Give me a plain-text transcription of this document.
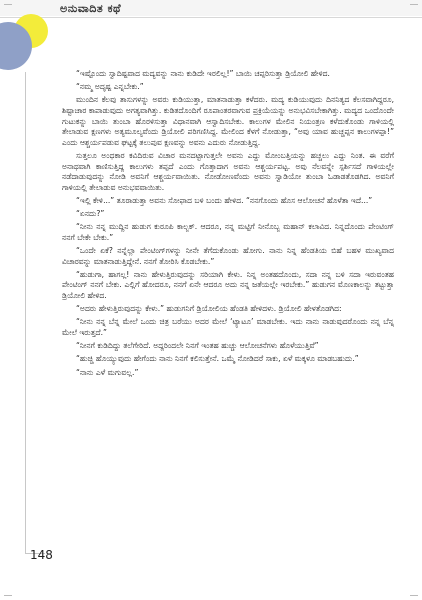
ಅನುವಾದಿತ ಕಥೆ
148

“ಇಷ್ಟೊಂದು ಸ್ವಾದಿಷ್ಟವಾದ ಮದ್ಯವನ್ನು ನಾನು ಕುಡಿದೇ ಇರಲಿಲ್ಲ!” ಬಾಯಿ ಚಪ್ಪರಿಸುತ್ತಾ ಡ್ರಿಯೋಲಿ ಹೇಳಿದ.

“ನಮ್ಮ ಅದೃಷ್ಟ ಎನ್ನಬೇಕು.”

ಮುಂದಿನ ಕೆಲವು ತಾಸುಗಳನ್ನು ಅವರು ಕುಡಿಯುತ್ತಾ, ಮಾತನಾಡುತ್ತಾ ಕಳೆದರು. ಮದ್ಯ ಕುಡಿಯುವುದು ದಿನನಿತ್ಯದ ಕೆಲಸವಾಗಿದ್ದರೂ, ಶಿಷ್ಟಾಚಾರ ಕಾಪಾಡುವುದು ಅಗತ್ಯವಾಗಿತ್ತು. ಕುಡಿತದೊಂದಿಗೆ ರೂಪಾಂತರವಾಗುವ ಪ್ರಕ್ರಿಯೆಯನ್ನು ಅನುಭವಿಸಬೇಕಾಗಿತ್ತು. ಮದ್ಯದ ಒಂದೊಂದೇ ಗುಟುಕನ್ನು ಬಾಯಿ ತುಂಬಾ ಹೊರಳಿಸುತ್ತಾ ವಿಧಾನವಾಗಿ ಆಸ್ವಾದಿಸಬೇಕು. ಕಾಲುಗಳ ಮೇಲಿನ ನಿಯಂತ್ರಣ ಕಳೆದುಕೊಂಡು ಗಾಳಿಯಲ್ಲಿ ತೇಲಾಡುವ ಕ್ಷಣಗಳು ಅತ್ಯಮೂಲ್ಯವೆಂದು ಡ್ರಿಯೋಲಿ ಪರಿಗಣಿಸಿದ್ದ. ಮೇಲಿಂದ ಕೆಳಗೆ ನೋಡುತ್ತಾ, “ಅವು ಯಾವ ಹುಚ್ಚಪ್ಪನ ಕಾಲುಗಳಪ್ಪಾ!” ಎಂದು ಆಶ್ಚರ್ಯಪಡುವ ಘಟ್ಟಕ್ಕೆ ತಲುಪುವ ಕ್ಷಣವನ್ನು ಅವನು ಎದುರು ನೋಡುತ್ತಿದ್ದ.

ಸುತ್ತಲೂ ಅಂಧಕಾರ ಕವಿದಿರುವ ವಿಚಾರ ಮನದಟ್ಟಾಗುತ್ತಲೇ ಅವನು ಎದ್ದು ಮೋಂಬತ್ತಿಯನ್ನು ಹಚ್ಚಲು ಎದ್ದು ನಿಂತ. ಈ ವರೆಗೆ ಅನಾಥವಾಗಿ ಕಾಣಿಸುತ್ತಿದ್ದ ಕಾಲುಗಳು ತಪ್ಪದೆ ಎಂದು ಗೊತ್ತಾದಾಗ ಅವನು ಆಶ್ಚರ್ಯಪಟ್ಟ. ಅವು ನೆಲವನ್ನೇ ಸ್ಪರ್ಶಿಸದೆ ಗಾಳಿಯಲ್ಲೇ ನಡೆದಾಡುವುದನ್ನು ನೋಡಿ ಅವನಿಗೆ ಆಶ್ಚರ್ಯವಾಯಿತು. ನೋಡೋಣವೆಂದು ಅವನು ಸ್ವಾಡಿಯೋ ತುಂಬಾ ಓಡಾಡತೊಡಗಿದ. ಅವನಿಗೆ ಗಾಳಿಯಲ್ಲಿ ತೇಲಾಡುವ ಅನುಭವವಾಯಿತು.

“ಇಲ್ಲಿ ಕೇಳಿ...” ತೂರಾಡುತ್ತಾ ಅವನು ಸೋಫಾದ ಬಳಿ ಬಂದು ಹೇಳಿದ. “ನನಗೊಂದು ಹೊಸ ಆಲೋಚನೆ ಹೊಳೆತಾ ಇದೆ...”

“ಏನದು?”

“ನೀನು ನನ್ನ ಮುದ್ದಿನ ಹುಡುಗ ಕುರೂಪಿ ಕಾಲ್ಬಕ್. ಆದರೂ, ನನ್ನ ಮಟ್ಟಿಗೆ ನೀನೊಬ್ಬ ಮಹಾನ್ ಕಲಾವಿದ. ನಿನ್ನದೊಂದು ಪೇಂಟಿಂಗ್ ನನಗೆ ಬೇಕೇ ಬೇಕು.”

“ಒಂದೇ ಏಕೆ? ನನ್ನೆಲ್ಲಾ ಪೇಂಟಿಂಗ್‌ಗಳನ್ನು ನೀನೇ ತೆಗೆದುಕೊಂಡು ಹೋಗು. ನಾನು ನಿನ್ನ ಹೆಂಡತಿಯ ಬಿಹೆ ಬಹಳ ಮುಖ್ಯವಾದ ವಿಚಾರವನ್ನು ಮಾತನಾಡುತ್ತಿದ್ದೇನೆ. ನನಗೆ ತೋರಿಸಿ ಕೊಡಬೇಕು.”

“ಹುಡುಗಾ, ಹಾಗಲ್ಲ! ನಾನು ಹೇಳುತ್ತಿರುವುದನ್ನು ಸರಿಯಾಗಿ ಕೇಳು. ನಿನ್ನ ಅಂತಹದೊಂದು, ಸದಾ ನನ್ನ ಬಳಿ ಸದಾ ಇರುವಂತಹ ಪೇಂಟಿಂಗ್ ನನಗೆ ಬೇಕು. ಎಲ್ಲಿಗೆ ಹೋದರೂ, ನನಗೆ ಏನೇ ಆದರೂ ಅದು ನನ್ನ ಜತೆಯಲ್ಲೇ ಇರಬೇಕು.” ಹುಡುಗನ ಮೊಣಕಾಲನ್ನು ತಟ್ಟುತ್ತಾ ಡ್ರಿಯೋಲಿ ಹೇಳಿದ.

“ಅದರು ಹೇಳುತ್ತಿರುವುದನ್ನು ಕೇಳು.” ಹುಡುಗನಿಗೆ ಡ್ರಿಯೋಲಿಯ ಹೆಂಡತಿ ಹೇಳಿದಳು. ಡ್ರಿಯೋಲಿ ಹೇಳತೊಡಗಿದ:

“ನೀನು ನನ್ನ ಬೆನ್ನ ಮೇಲೆ ಒಂದು ಚಿತ್ರ ಬರೆಯು ಅದರ ಮೇಲೆ ‘ಟ್ಯಾಟೂ’ ಮಾಡಬೇಕು. ಇದು ನಾನು ನಾಡುವುದರೊಂದು ನನ್ನ ಬೆನ್ನ ಮೇಲೆ ಇರುತ್ತದೆ.”

“ನೀನಗೆ ಕುಡಿದಿದ್ದು ತಲೆಗೇರಿದೆ. ಅದ್ದರಿಂದಲೇ ನಿನಗೆ ಇಂತಹ ಹುಚ್ಚು ಆಲೋಚನೆಗಳು ಹೊಳೆಯುತ್ತಿವೆ”

“ಹುಚ್ಚಿ ಹೊಯ್ಯುವುದು ಹೇಗೆಂದು ನಾನು ನಿನಗೆ ಕಲಿಸುತ್ತೇನೆ. ಒಮ್ಮೆ ನೋಡಿದರೆ ಸಾಕು, ಏಳೆ ಮಕ್ಕಳೂ ಮಾಡಬಹುದು.”

“ನಾನು ಎಳೆ ಮಗುವಲ್ಲ.”
